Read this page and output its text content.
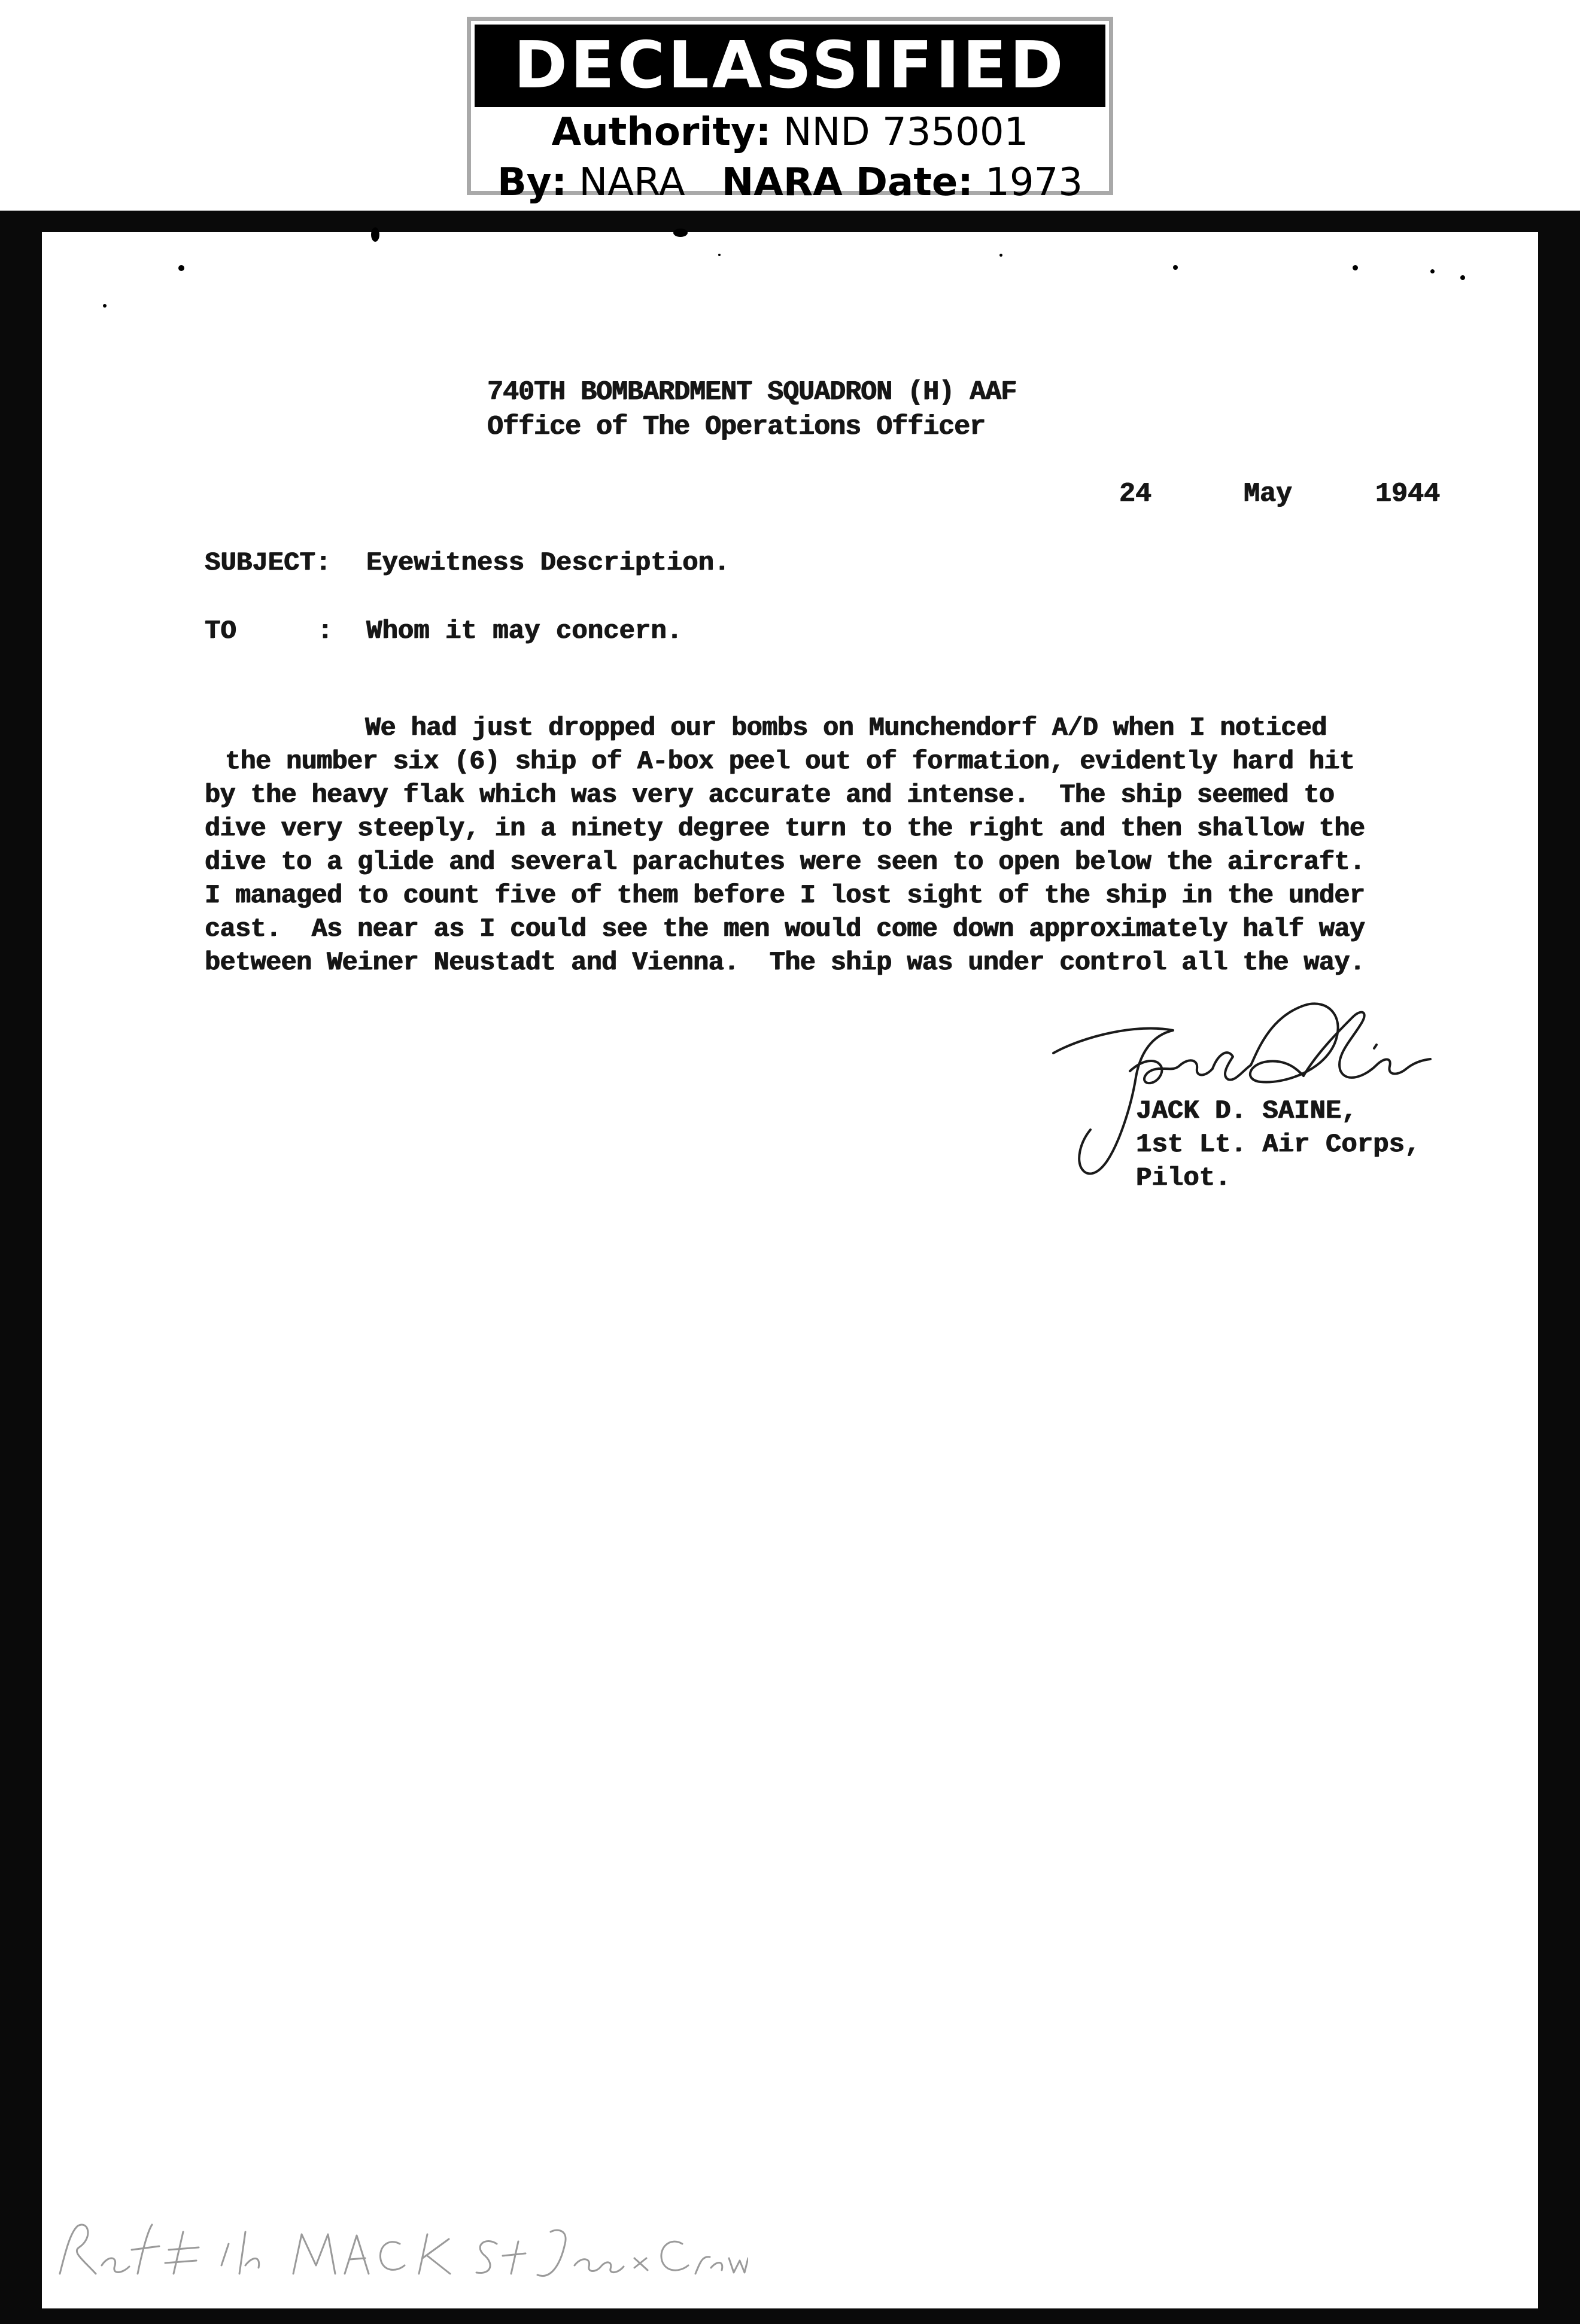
DECLASSIFIED
Authority: NND 735001
By: NARA NARA Date: 1973
740TH BOMBARDMENT SQUADRON (H) AAF
Office of The Operations Officer
24	May	1944
SUBJECT: Eyewitness Description.
TO	: Whom it may concern.
We had just dropped our bombs on Munchendorf A/D when I noticed
the number six (6) ship of A-box peel out of formation, evidently hard hit
by the heavy flak which was very accurate and intense.  The ship seemed to
dive very steeply, in a ninety degree turn to the right and then shallow the
dive to a glide and several parachutes were seen to open below the aircraft.
I managed to count five of them before I lost sight of the ship in the under
cast.  As near as I could see the men would come down approximately half way
between Weiner Neustadt and Vienna.  The ship was under control all the way.
JACK D. SAINE,
1st Lt. Air Corps,
Pilot.
